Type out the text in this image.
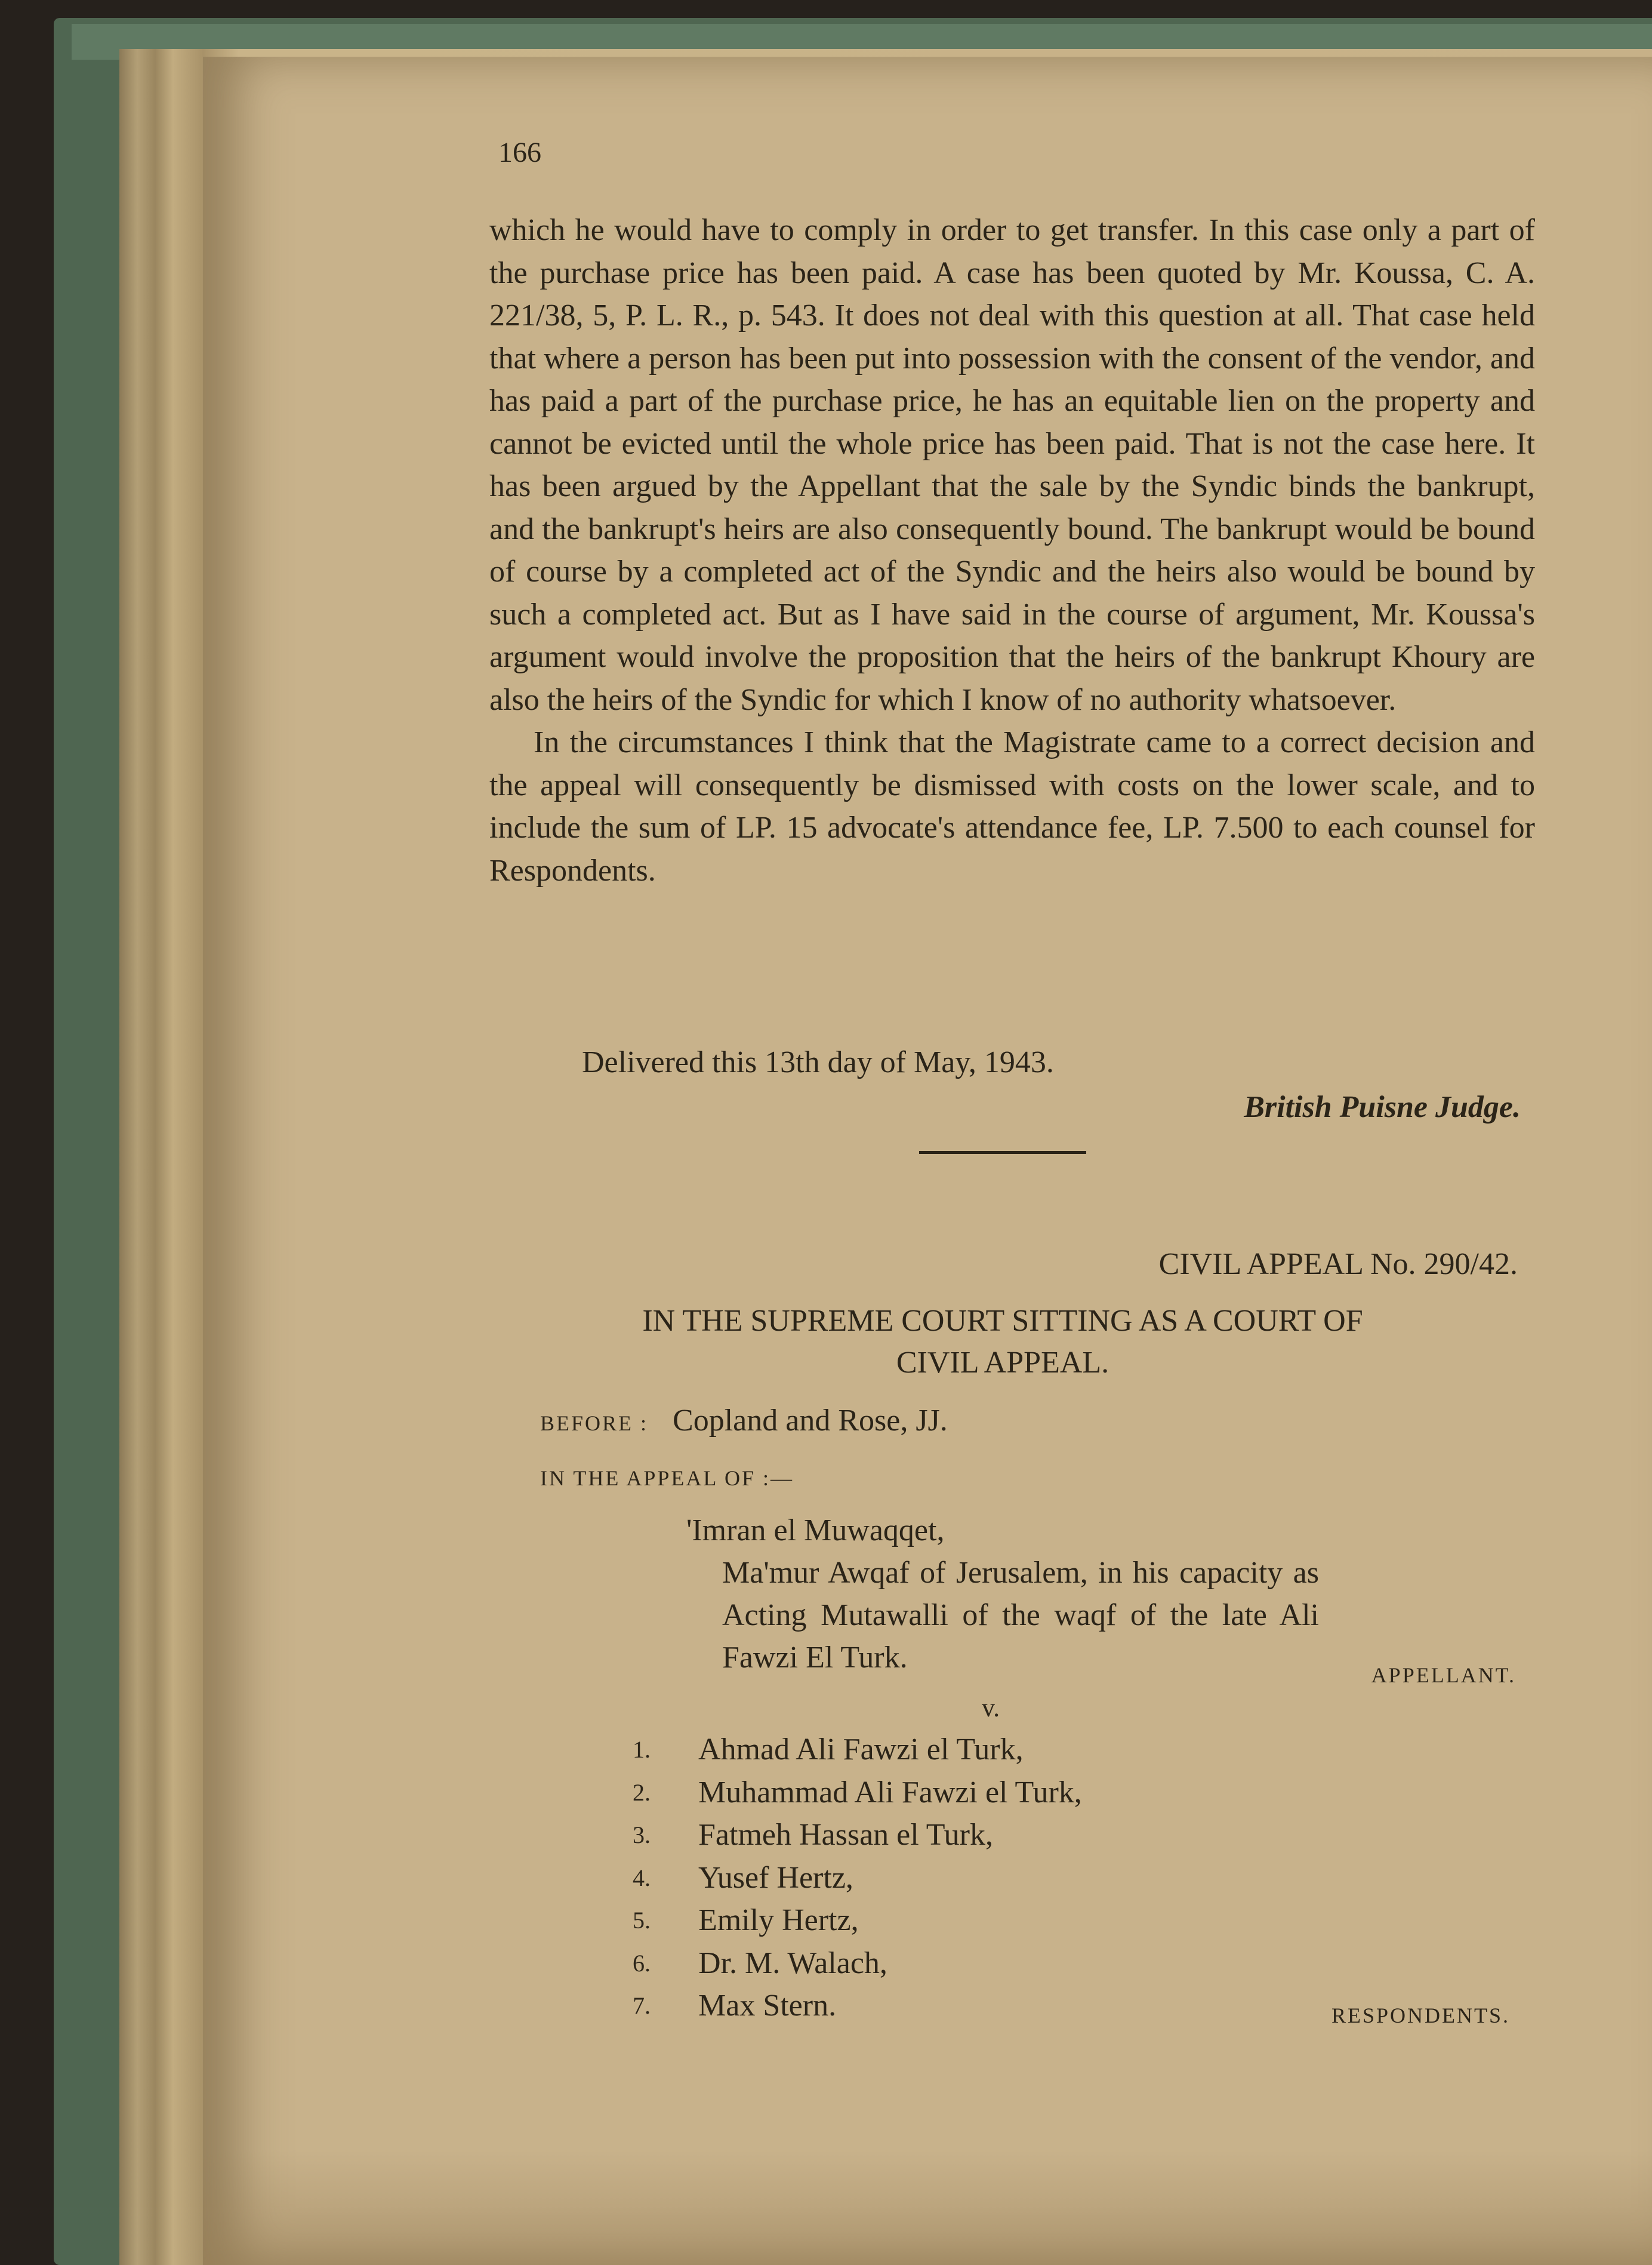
166

which he would have to comply in order to get transfer. In this case only a part of the purchase price has been paid. A case has been quoted by Mr. Koussa, C. A. 221/38, 5, P. L. R., p. 543. It does not deal with this question at all. That case held that where a person has been put into possession with the consent of the vendor, and has paid a part of the purchase price, he has an equitable lien on the property and cannot be evicted until the whole price has been paid. That is not the case here. It has been argued by the Appellant that the sale by the Syndic binds the bankrupt, and the bankrupt's heirs are also consequently bound. The bankrupt would be bound of course by a completed act of the Syndic and the heirs also would be bound by such a completed act. But as I have said in the course of argument, Mr. Koussa's argument would involve the proposition that the heirs of the bankrupt Khoury are also the heirs of the Syndic for which I know of no authority whatsoever.

In the circumstances I think that the Magistrate came to a correct decision and the appeal will consequently be dismissed with costs on the lower scale, and to include the sum of LP. 15 advocate's attendance fee, LP. 7.500 to each counsel for Respondents.

Delivered this 13th day of May, 1943.
British Puisne Judge.
CIVIL APPEAL No. 290/42.
IN THE SUPREME COURT SITTING AS A COURT OF
CIVIL APPEAL.
BEFORE : Copland and Rose, JJ.
IN THE APPEAL OF :—
'Imran el Muwaqqet,
Ma'mur Awqaf of Jerusalem, in his capacity as Acting Mutawalli of the waqf of the late Ali Fawzi El Turk.
APPELLANT.
v.
1.	Ahmad Ali Fawzi el Turk,
2.	Muhammad Ali Fawzi el Turk,
3.	Fatmeh Hassan el Turk,
4.	Yusef Hertz,
5.	Emily Hertz,
6.	Dr. M. Walach,
7.	Max Stern.	RESPONDENTS.
